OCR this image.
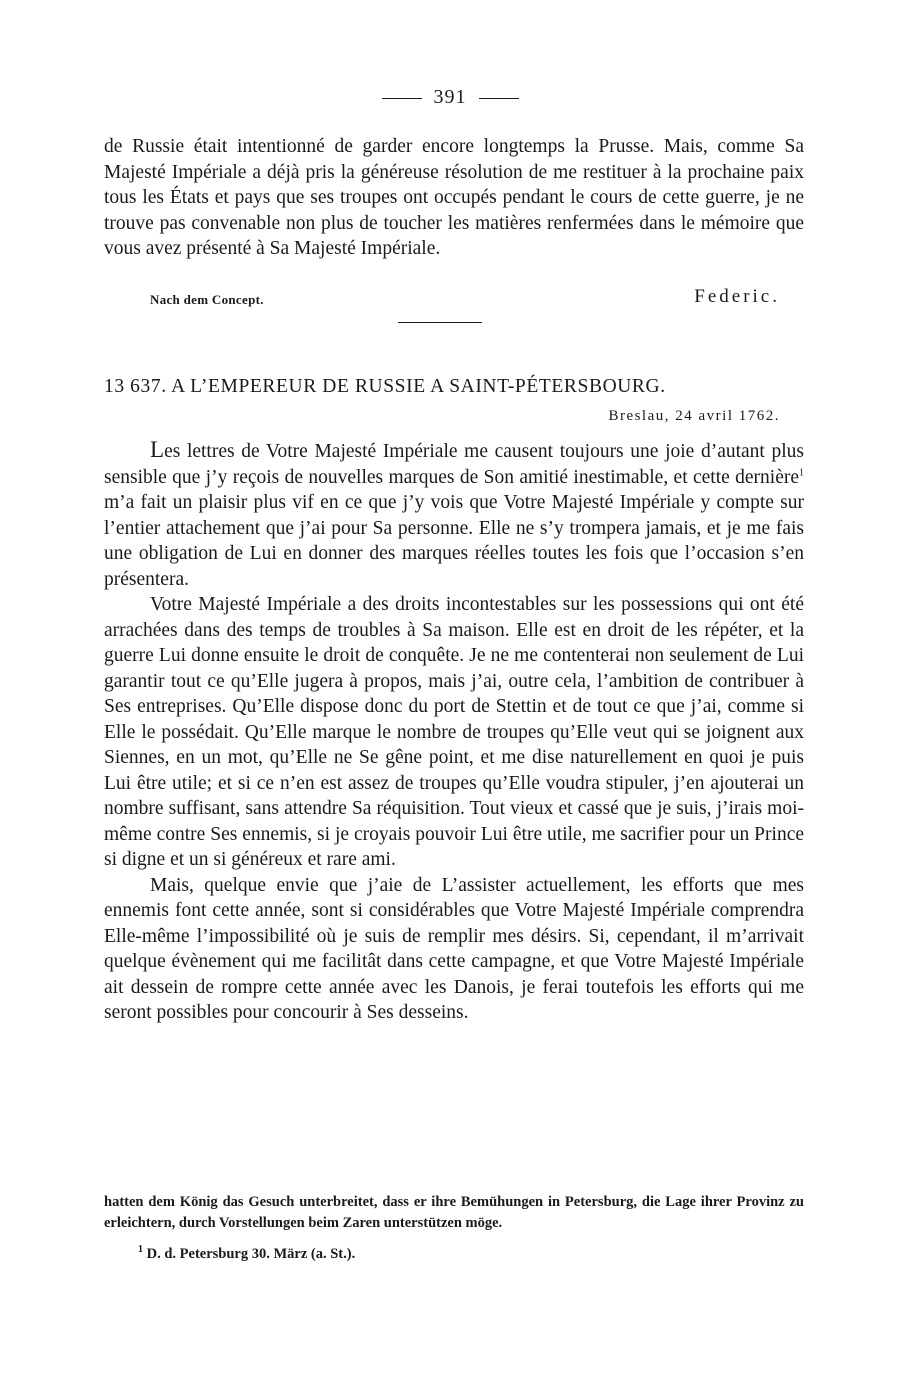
391

de Russie était intentionné de garder encore longtemps la Prusse. Mais, comme Sa Majesté Impériale a déjà pris la généreuse résolution de me restituer à la prochaine paix tous les États et pays que ses troupes ont occupés pendant le cours de cette guerre, je ne trouve pas convenable non plus de toucher les matières renfermées dans le mémoire que vous avez présenté à Sa Majesté Impériale.

Nach dem Concept.	Federic.
13 637. A L’EMPEREUR DE RUSSIE A SAINT-PÉTERSBOURG.
Breslau, 24 avril 1762.

Les lettres de Votre Majesté Impériale me causent toujours une joie d’autant plus sensible que j’y reçois de nouvelles marques de Son amitié inestimable, et cette dernière$^1$ m’a fait un plaisir plus vif en ce que j’y vois que Votre Majesté Impériale y compte sur l’entier attachement que j’ai pour Sa personne. Elle ne s’y trompera jamais, et je me fais une obligation de Lui en donner des marques réelles toutes les fois que l’occasion s’en présentera.

Votre Majesté Impériale a des droits incontestables sur les possessions qui ont été arrachées dans des temps de troubles à Sa maison. Elle est en droit de les répéter, et la guerre Lui donne ensuite le droit de conquête. Je ne me contenterai non seulement de Lui garantir tout ce qu’Elle jugera à propos, mais j’ai, outre cela, l’ambition de contribuer à Ses entreprises. Qu’Elle dispose donc du port de Stettin et de tout ce que j’ai, comme si Elle le possédait. Qu’Elle marque le nombre de troupes qu’Elle veut qui se joignent aux Siennes, en un mot, qu’Elle ne Se gêne point, et me dise naturellement en quoi je puis Lui être utile; et si ce n’en est assez de troupes qu’Elle voudra stipuler, j’en ajouterai un nombre suffisant, sans attendre Sa réquisition. Tout vieux et cassé que je suis, j’irais moi-même contre Ses ennemis, si je croyais pouvoir Lui être utile, me sacrifier pour un Prince si digne et un si généreux et rare ami.

Mais, quelque envie que j’aie de L’assister actuellement, les efforts que mes ennemis font cette année, sont si considérables que Votre Majesté Impériale comprendra Elle-même l’impossibilité où je suis de remplir mes désirs. Si, cependant, il m’arrivait quelque évènement qui me facilitât dans cette campagne, et que Votre Majesté Impériale ait dessein de rompre cette année avec les Danois, je ferai toutefois les efforts qui me seront possibles pour concourir à Ses desseins.

hatten dem König das Gesuch unterbreitet, dass er ihre Bemühungen in Petersburg, die Lage ihrer Provinz zu erleichtern, durch Vorstellungen beim Zaren unterstützen möge.

$^1$ D. d. Petersburg 30. März (a. St.).
